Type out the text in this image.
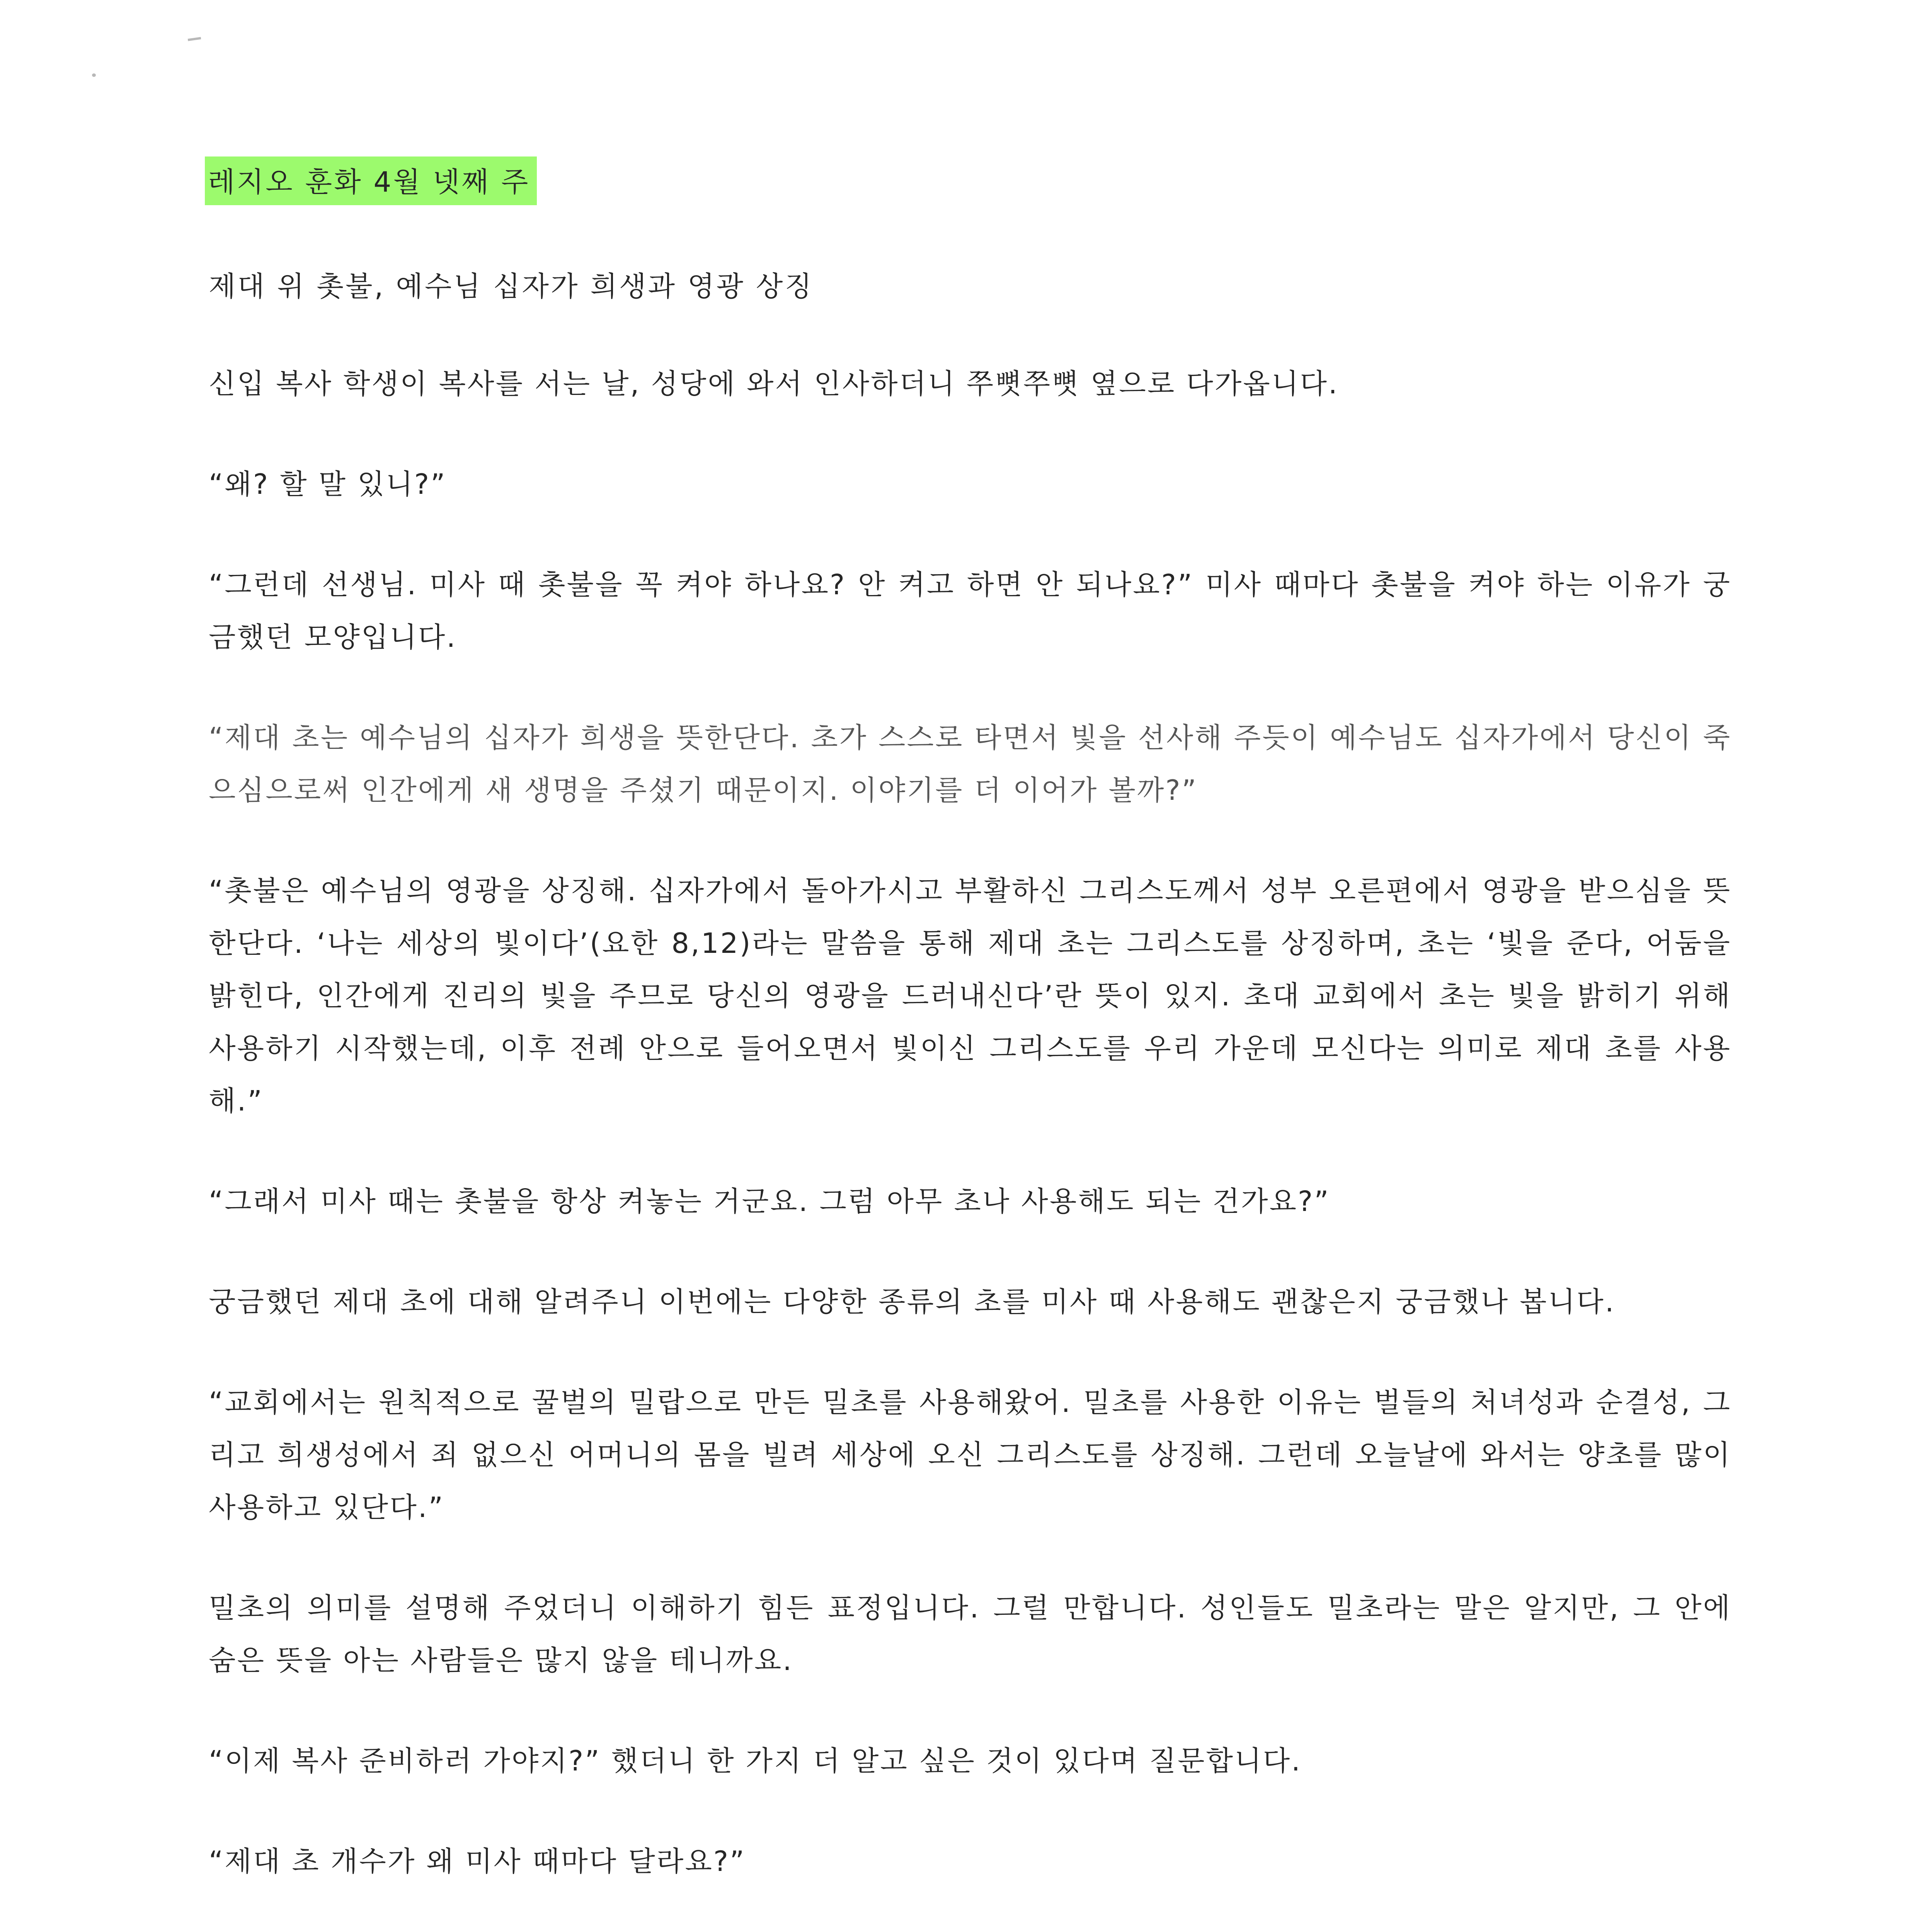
레지오 훈화 4월 넷째 주

제대 위 촛불, 예수님 십자가 희생과 영광 상징

신입 복사 학생이 복사를 서는 날, 성당에 와서 인사하더니 쭈뼛쭈뼛 옆으로 다가옵니다.

“왜? 할 말 있니?”

“그런데 선생님. 미사 때 촛불을 꼭 켜야 하나요? 안 켜고 하면 안 되나요?” 미사 때마다 촛불을 켜야 하는 이유가 궁금했던 모양입니다.

“제대 초는 예수님의 십자가 희생을 뜻한단다. 초가 스스로 타면서 빛을 선사해 주듯이 예수님도 십자가에서 당신이 죽으심으로써 인간에게 새 생명을 주셨기 때문이지. 이야기를 더 이어가 볼까?”

“촛불은 예수님의 영광을 상징해. 십자가에서 돌아가시고 부활하신 그리스도께서 성부 오른편에서 영광을 받으심을 뜻한단다. ‘나는 세상의 빛이다’(요한 8,12)라는 말씀을 통해 제대 초는 그리스도를 상징하며, 초는 ‘빛을 준다, 어둠을 밝힌다, 인간에게 진리의 빛을 주므로 당신의 영광을 드러내신다’란 뜻이 있지. 초대 교회에서 초는 빛을 밝히기 위해 사용하기 시작했는데, 이후 전례 안으로 들어오면서 빛이신 그리스도를 우리 가운데 모신다는 의미로 제대 초를 사용해.”

“그래서 미사 때는 촛불을 항상 켜놓는 거군요. 그럼 아무 초나 사용해도 되는 건가요?”

궁금했던 제대 초에 대해 알려주니 이번에는 다양한 종류의 초를 미사 때 사용해도 괜찮은지 궁금했나 봅니다.

“교회에서는 원칙적으로 꿀벌의 밀랍으로 만든 밀초를 사용해왔어. 밀초를 사용한 이유는 벌들의 처녀성과 순결성, 그리고 희생성에서 죄 없으신 어머니의 몸을 빌려 세상에 오신 그리스도를 상징해. 그런데 오늘날에 와서는 양초를 많이 사용하고 있단다.”

밀초의 의미를 설명해 주었더니 이해하기 힘든 표정입니다. 그럴 만합니다. 성인들도 밀초라는 말은 알지만, 그 안에 숨은 뜻을 아는 사람들은 많지 않을 테니까요.

“이제 복사 준비하러 가야지?” 했더니 한 가지 더 알고 싶은 것이 있다며 질문합니다.

“제대 초 개수가 왜 미사 때마다 달라요?”
